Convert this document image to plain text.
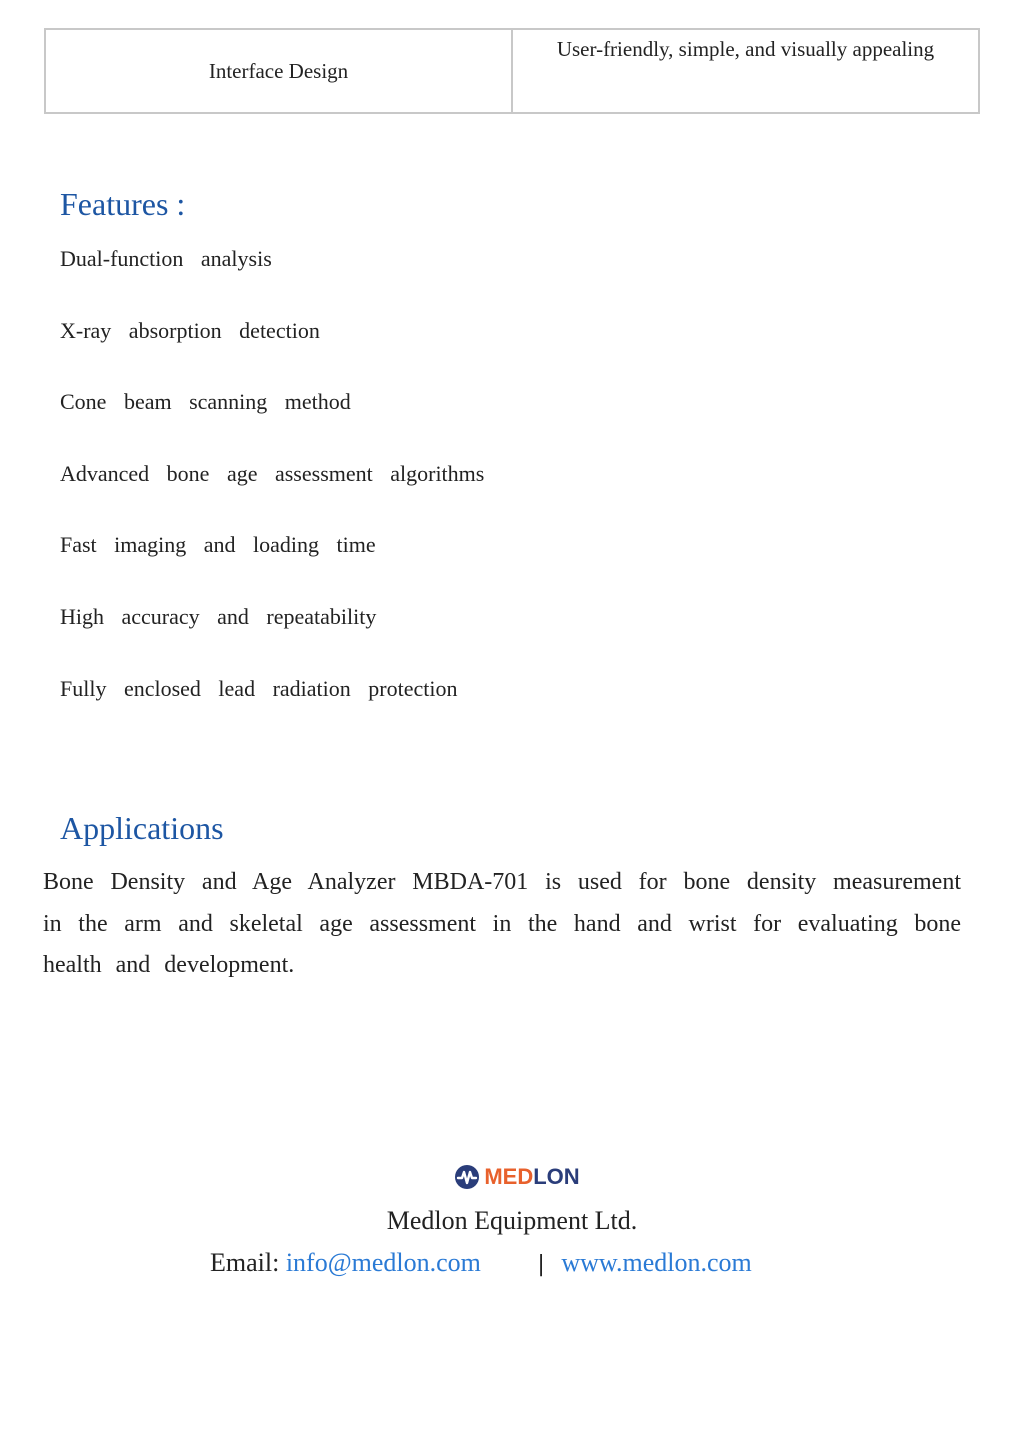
Interface Design	User-friendly, simple, and visually appealing
Features :
Dual-function analysis
X-ray absorption detection
Cone beam scanning method
Advanced bone age assessment algorithms
Fast imaging and loading time
High accuracy and repeatability
Fully enclosed lead radiation protection
Applications

Bone Density and Age Analyzer MBDA-701 is used for bone density measurement in the arm and skeletal age assessment in the hand and wrist for evaluating bone health and development.

MEDLON
Medlon Equipment Ltd.
Email: info@medlon.com	| www.medlon.com
